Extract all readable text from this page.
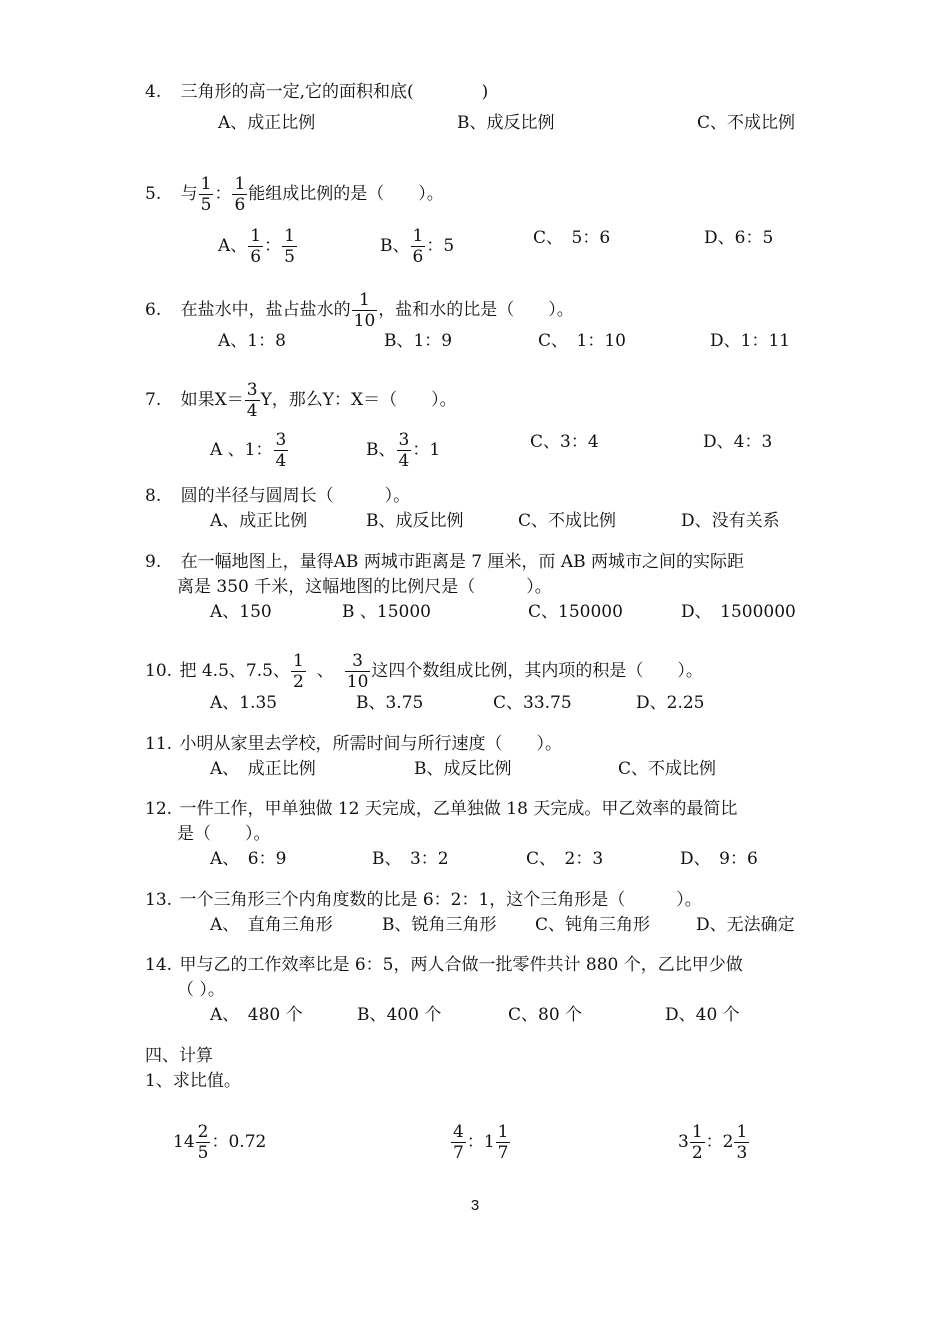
4. 三角形的高一定,它的面积和底(　　　　)
A、成正比例	B、成反比例	C、不成比例
5. 与 $\frac{1}{5}$ ： $\frac{1}{6}$ 能组成比例的是（　　）。
A、 $\frac{1}{6}$ ： $\frac{1}{5}$	B、 $\frac{1}{6}$ ：5	C、　5：6	D、6：5
6. 在盐水中，盐占盐水的 $\frac{1}{10}$ ，盐和水的比是（　　）。
A、1：8	B、1：9	C、　1：10	D、1：11
7. 如果$X= \frac{3}{4}$ Y，那么Y：X＝（　　）。
A 、1： $\frac{3}{4}$	B、 $\frac{3}{4}$ ：1	C、3：4	D、4：3
8. 圆的半径与圆周长（　　　）。
A、成正比例	B、成反比例	C、不成比例	D、没有关系
9. 在一幅地图上，量得AB 两城市距离是 7 厘米，而 AB 两城市之间的实际距
离是 350 千米，这幅地图的比例尺是（　　　）。
A、150	B 、15000	C、150000	D、　1500000
10. 把 4.5、7.5、 $\frac{1}{2}$ 、 $\frac{3}{10}$ 这四个数组成比例，其内项的积是（　　）。
A、1.35	B、3.75	C、33.75	D、2.25
11. 小明从家里去学校，所需时间与所行速度（　　）。
A、　成正比例	B、成反比例	C、不成比例
12. 一件工作，甲单独做 12 天完成，乙单独做 18 天完成。甲乙效率的最简比
是（　　）。
A、　6：9	B、　3：2	C、　2：3	D、　9：6
13. 一个三角形三个内角度数的比是 6：2：1，这个三角形是（　　　）。
A、　直角三角形	B、锐角三角形 C、钝角三角形	D、无法确定
14. 甲与乙的工作效率比是 6：5，两人合做一批零件共计 880 个，乙比甲少做
（ ）。
A、　480 个	B、400 个	C、80 个	D、40 个
四、计算
1、求比值。
$14 \frac{2}{5}$ ：0.72	$\frac{4}{7}$ ：$1 \frac{1}{7}$	$3 \frac{1}{2}$ ：$2 \frac{1}{3}$
3
